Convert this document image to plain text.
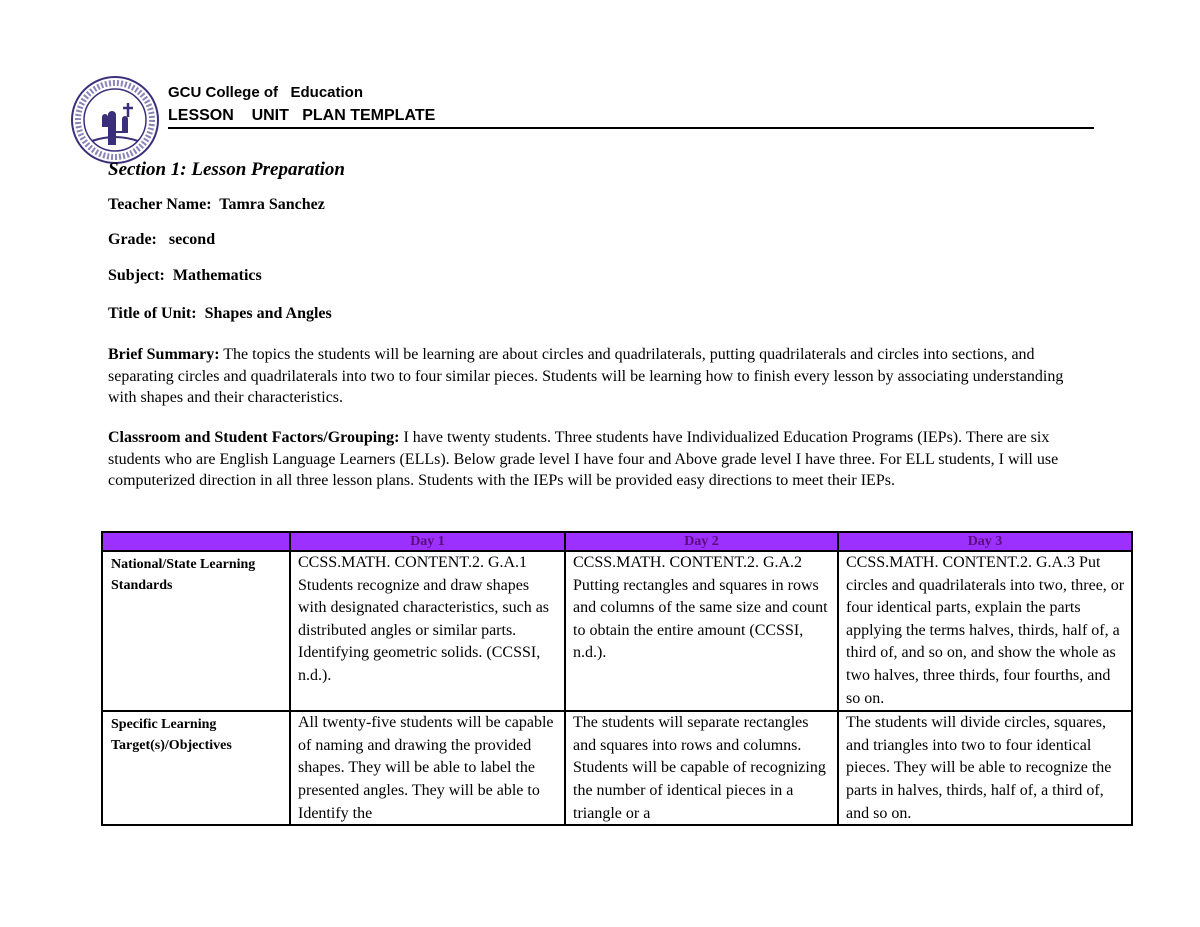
GCU College of   Education
LESSON    UNIT   PLAN TEMPLATE
Section 1: Lesson Preparation
Teacher Name:  Tamra Sanchez
Grade:   second
Subject:  Mathematics
Title of Unit:  Shapes and Angles
Brief Summary: The topics the students will be learning are about circles and quadrilaterals, putting quadrilaterals and circles into sections, and separating circles and quadrilaterals into two to four similar pieces. Students will be learning how to finish every lesson by associating understanding with shapes and their characteristics.
Classroom and Student Factors/Grouping: I have twenty students. Three students have Individualized Education Programs (IEPs). There are six students who are English Language Learners (ELLs). Below grade level I have four and Above grade level I have three. For ELL students, I will use computerized direction in all three lesson plans. Students with the IEPs will be provided easy directions to meet their IEPs.
	Day 1	Day 2	Day 3
National/State Learning Standards	CCSS.MATH. CONTENT.2. G.A.1 Students recognize and draw shapes with designated characteristics, such as distributed angles or similar parts. Identifying geometric solids. (CCSSI, n.d.).	CCSS.MATH. CONTENT.2. G.A.2 Putting rectangles and squares in rows and columns of the same size and count to obtain the entire amount (CCSSI, n.d.).	CCSS.MATH. CONTENT.2. G.A.3 Put circles and quadrilaterals into two, three, or four identical parts, explain the parts applying the terms halves, thirds, half of, a third of, and so on, and show the whole as two halves, three thirds, four fourths, and so on.
Specific Learning Target(s)/Objectives	All twenty-five students will be capable of naming and drawing the provided shapes. They will be able to label the presented angles. They will be able to Identify the	The students will separate rectangles and squares into rows and columns. Students will be capable of recognizing the number of identical pieces in a triangle or a	The students will divide circles, squares, and triangles into two to four identical pieces. They will be able to recognize the parts in halves, thirds, half of, a third of, and so on.
